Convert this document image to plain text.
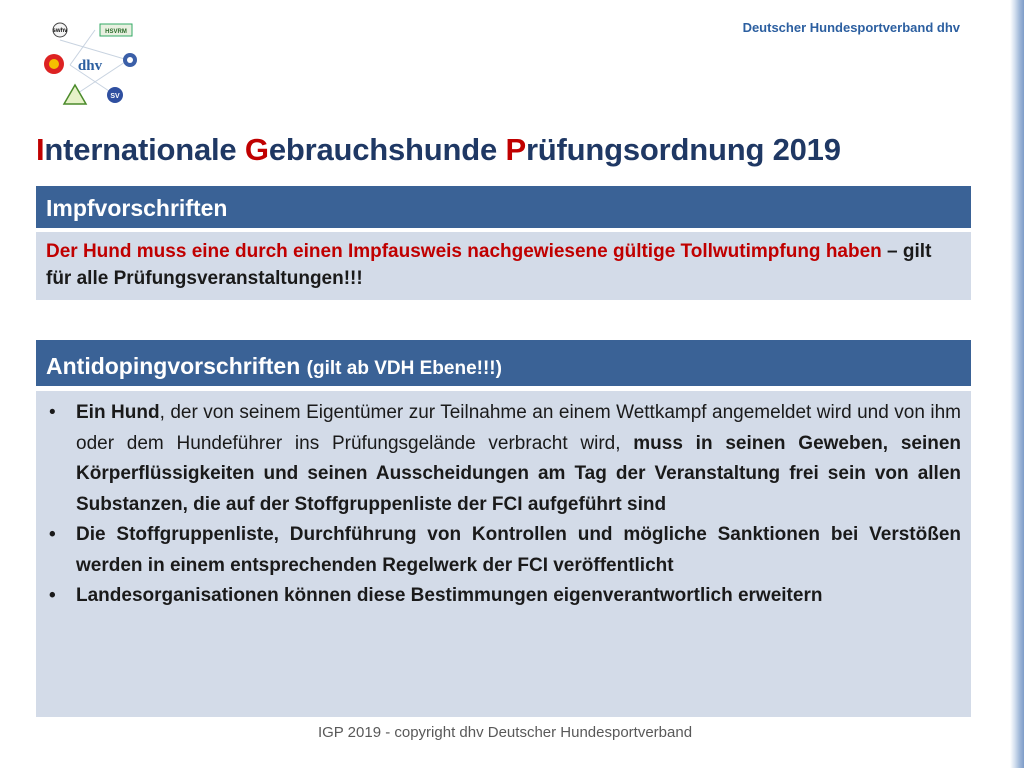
Deutscher Hundesportverband dhv
swhv	HSVRM
dhv
SV
Internationale Gebrauchshunde Prüfungsordnung 2019
Impfvorschriften
Der Hund muss eine durch einen Impfausweis nachgewiesene gültige Tollwutimpfung haben – gilt für alle Prüfungsveranstaltungen!!!
Antidopingvorschriften (gilt ab VDH Ebene!!!)
• Ein Hund, der von seinem Eigentümer zur Teilnahme an einem Wettkampf angemeldet wird und von ihm oder dem Hundeführer ins Prüfungsgelände verbracht wird, muss in seinen Geweben, seinen Körperflüssigkeiten und seinen Ausscheidungen am Tag der Veranstaltung frei sein von allen Substanzen, die auf der Stoffgruppenliste der FCI aufgeführt sind
• Die Stoffgruppenliste, Durchführung von Kontrollen und mögliche Sanktionen bei Verstößen werden in einem entsprechenden Regelwerk der FCI veröffentlicht
• Landesorganisationen können diese Bestimmungen eigenverantwortlich erweitern
IGP 2019 - copyright dhv Deutscher Hundesportverband
